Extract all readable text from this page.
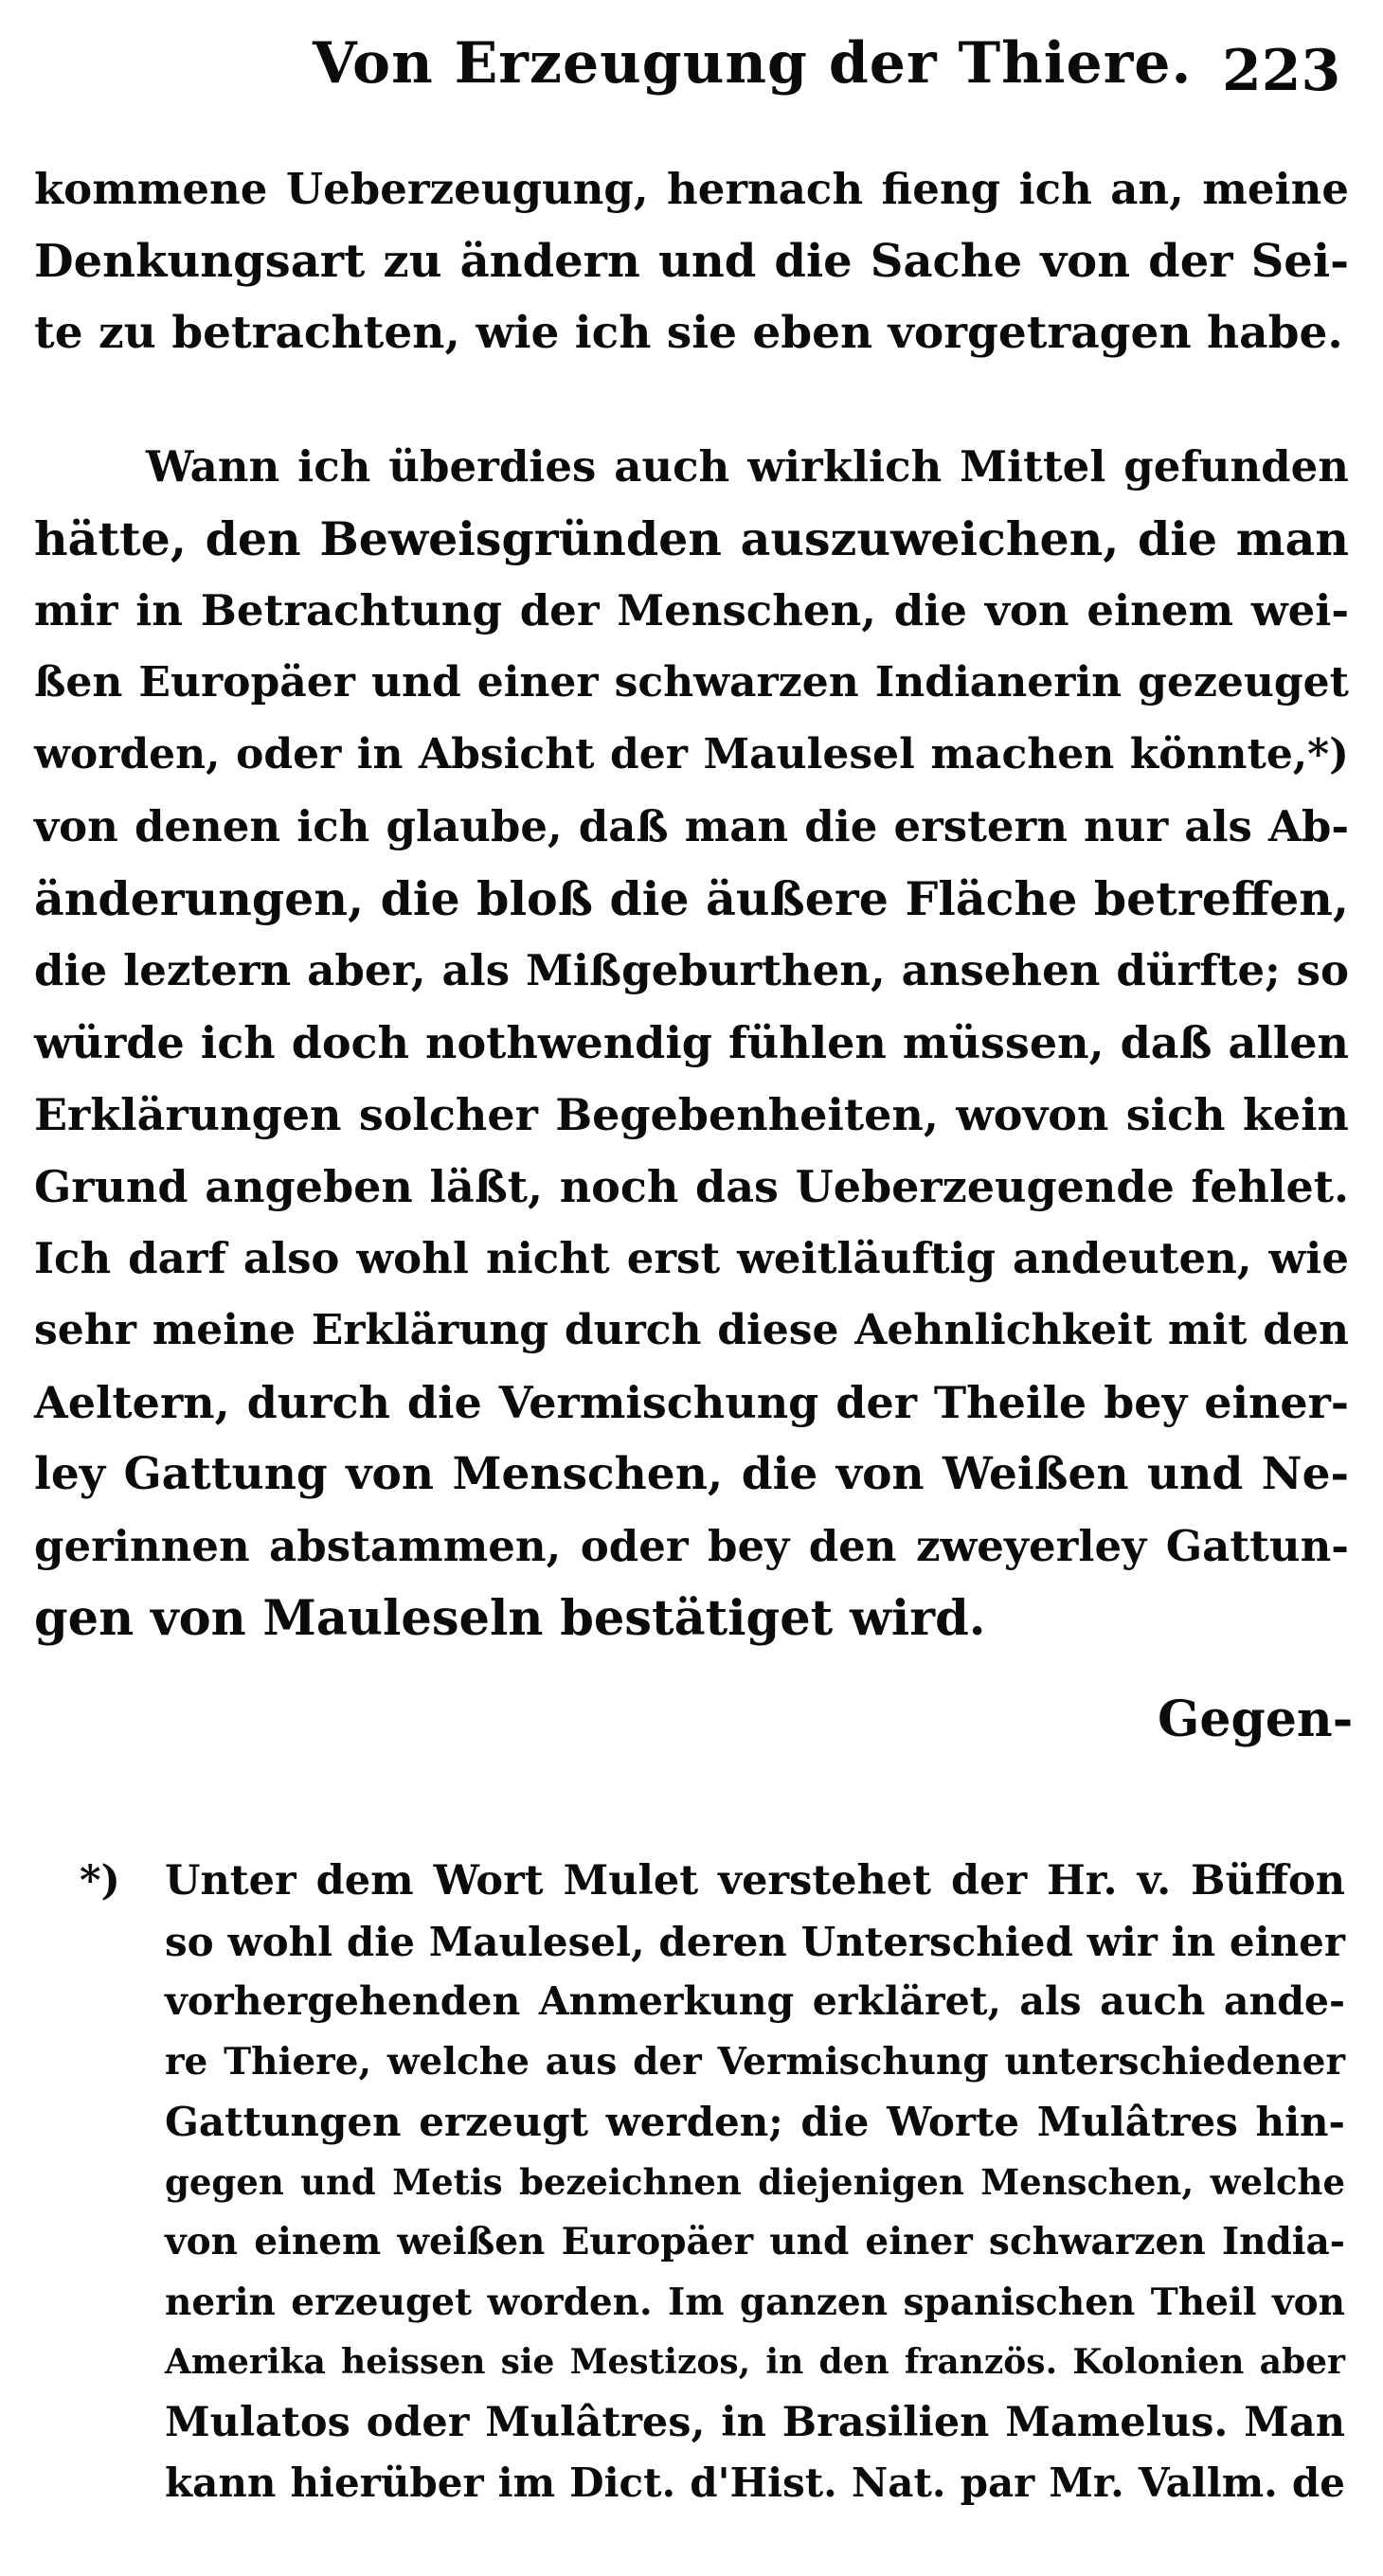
Von Erzeugung der Thiere. 223
kommene Ueberzeugung, hernach fieng ich an, meine
Denkungsart zu ändern und die Sache von der Sei-
te zu betrachten, wie ich sie eben vorgetragen habe.
Wann ich überdies auch wirklich Mittel gefunden
hätte, den Beweisgründen auszuweichen, die man
mir in Betrachtung der Menschen, die von einem wei-
ßen Europäer und einer schwarzen Indianerin gezeuget
worden, oder in Absicht der Maulesel machen könnte,*)
von denen ich glaube, daß man die erstern nur als Ab-
änderungen, die bloß die äußere Fläche betreffen,
die leztern aber, als Mißgeburthen, ansehen dürfte; so
würde ich doch nothwendig fühlen müssen, daß allen
Erklärungen solcher Begebenheiten, wovon sich kein
Grund angeben läßt, noch das Ueberzeugende fehlet.
Ich darf also wohl nicht erst weitläuftig andeuten, wie
sehr meine Erklärung durch diese Aehnlichkeit mit den
Aeltern, durch die Vermischung der Theile bey einer-
ley Gattung von Menschen, die von Weißen und Ne-
gerinnen abstammen, oder bey den zweyerley Gattun-
gen von Mauleseln bestätiget wird.
Gegen-
*) Unter dem Wort Mulet verstehet der Hr. v. Büffon
so wohl die Maulesel, deren Unterschied wir in einer
vorhergehenden Anmerkung erkläret, als auch ande-
re Thiere, welche aus der Vermischung unterschiedener
Gattungen erzeugt werden; die Worte Mulâtres hin-
gegen und Metis bezeichnen diejenigen Menschen, welche
von einem weißen Europäer und einer schwarzen India-
nerin erzeuget worden. Im ganzen spanischen Theil von
Amerika heissen sie Mestizos, in den französ. Kolonien aber
Mulatos oder Mulâtres, in Brasilien Mamelus. Man
kann hierüber im Dict. d'Hist. Nat. par Mr. Vallm. de
